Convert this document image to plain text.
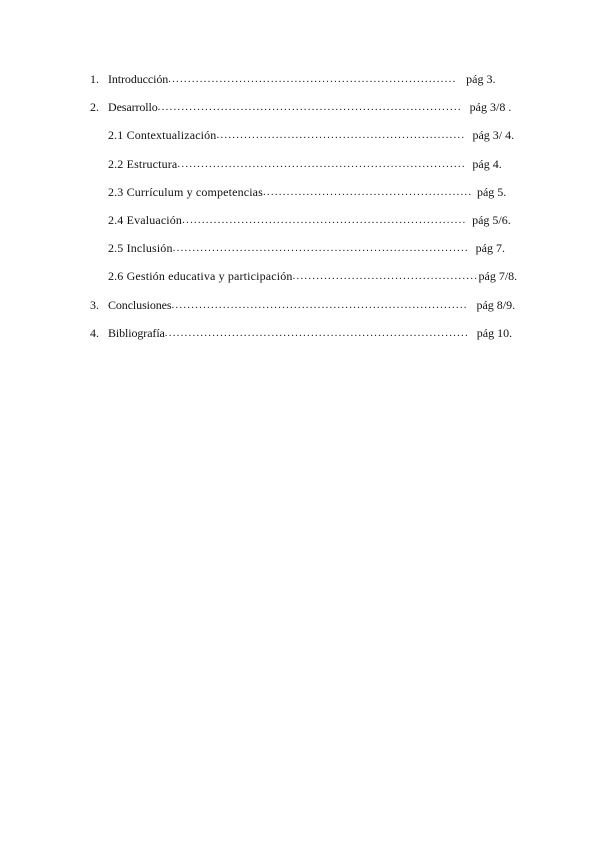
1. Introducción ......................................................................... pág 3.
2. Desarrollo ............................................................................. pág 3/8 .
2.1 Contextualización ............................................................... pág 3/ 4.
2.2 Estructura ......................................................................... pág 4.
2.3 Currículum y competencias ..................................................... pág 5.
2.4 Evaluación ........................................................................ pág 5/6.
2.5 Inclusión ........................................................................... pág 7.
2.6 Gestión educativa y participación ............................................... pág 7/8.
3. Conclusiones ........................................................................... pág 8/9.
4. Bibliografía ............................................................................. pág 10.
